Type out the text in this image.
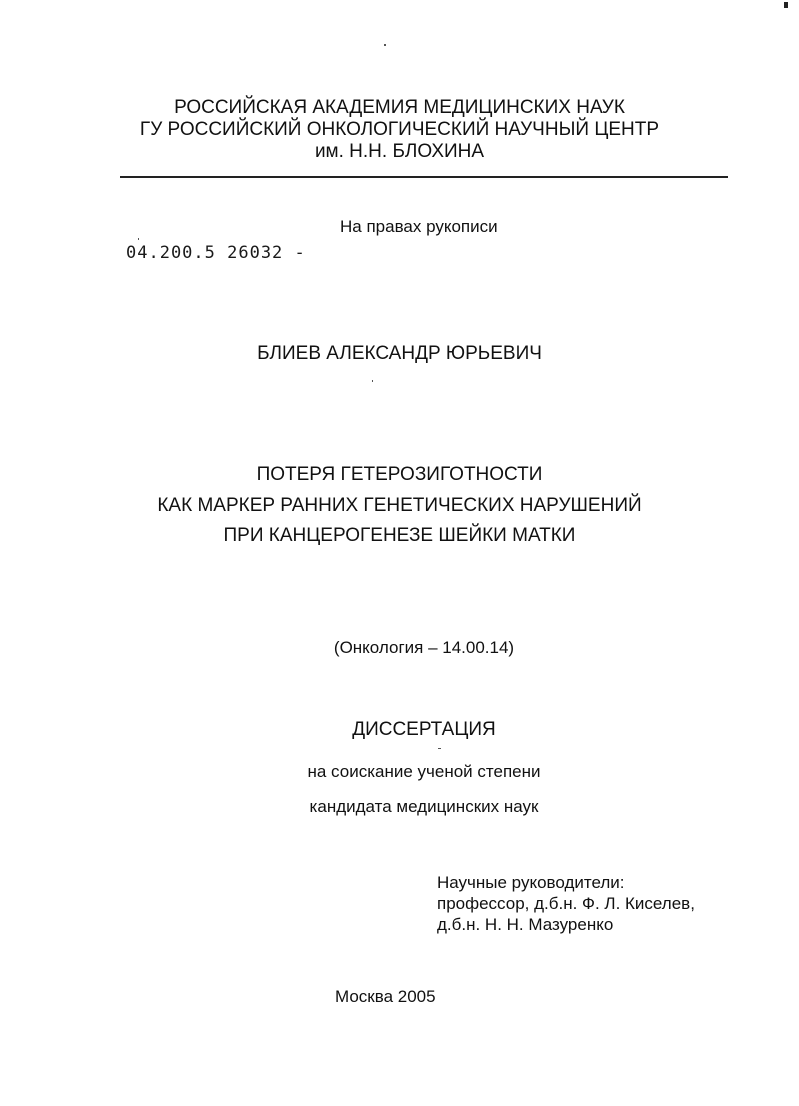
РОССИЙСКАЯ АКАДЕМИЯ МЕДИЦИНСКИХ НАУК
ГУ РОССИЙСКИЙ ОНКОЛОГИЧЕСКИЙ НАУЧНЫЙ ЦЕНТР
им. Н.Н. БЛОХИНА
На правах рукописи
04.200.5 26032 -
БЛИЕВ АЛЕКСАНДР ЮРЬЕВИЧ
ПОТЕРЯ ГЕТЕРОЗИГОТНОСТИ
КАК МАРКЕР РАННИХ ГЕНЕТИЧЕСКИХ НАРУШЕНИЙ
ПРИ КАНЦЕРОГЕНЕЗЕ ШЕЙКИ МАТКИ
(Онкология – 14.00.14)
ДИССЕРТАЦИЯ
на соискание ученой степени
кандидата медицинских наук
Научные руководители:
профессор, д.б.н. Ф. Л. Киселев,
д.б.н. Н. Н. Мазуренко
Москва 2005
